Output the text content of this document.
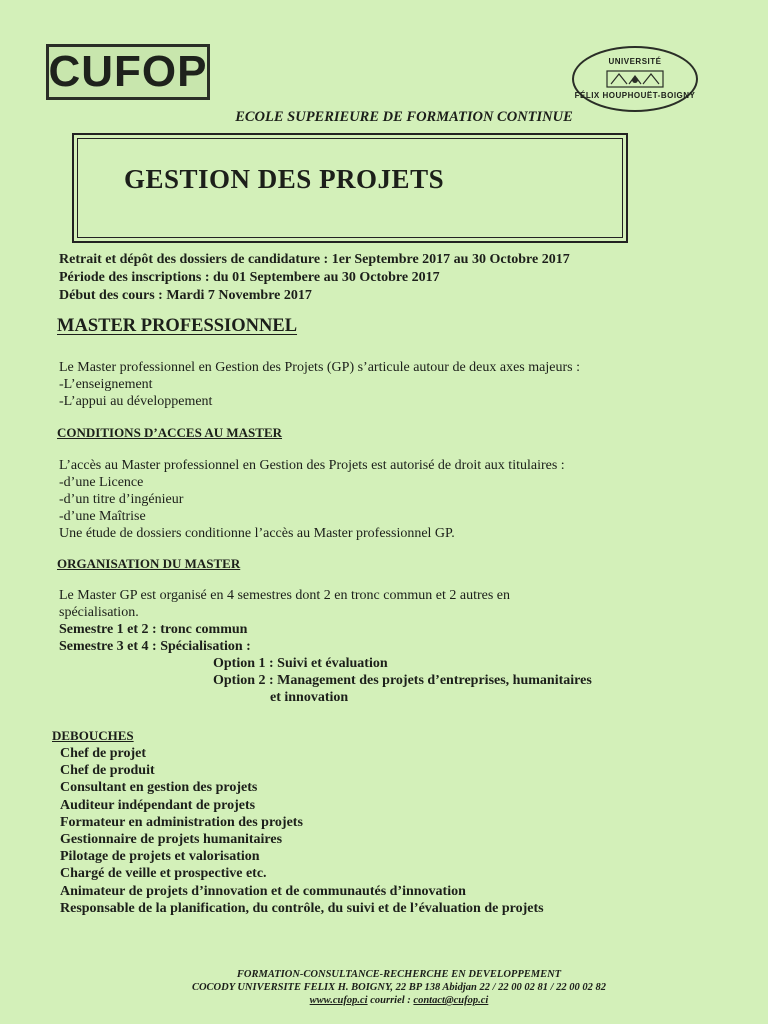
CUFOP	UNIVERSITÉ
FÉLIX HOUPHOUËT-BOIGNY
ECOLE SUPERIEURE DE FORMATION CONTINUE
GESTION DES PROJETS
Retrait et dépôt des dossiers de candidature : 1er Septembre 2017 au 30 Octobre 2017
Période des inscriptions : du 01 Septembere au 30 Octobre 2017
Début des cours : Mardi 7 Novembre 2017
MASTER PROFESSIONNEL
Le Master professionnel en Gestion des Projets (GP) s’articule autour de deux axes majeurs :
-L’enseignement
-L’appui au développement
CONDITIONS D’ACCES AU MASTER
L’accès au Master professionnel en Gestion des Projets est autorisé de droit aux titulaires :
-d’une Licence
-d’un titre d’ingénieur
-d’une Maîtrise
Une étude de dossiers conditionne l’accès au Master professionnel GP.
ORGANISATION DU MASTER
Le Master GP est organisé en 4 semestres dont 2 en tronc commun et 2 autres en
spécialisation.
Semestre 1 et 2 : tronc commun
Semestre 3 et 4 : Spécialisation :
Option 1 : Suivi et évaluation
Option 2 : Management des projets d’entreprises, humanitaires
et innovation
DEBOUCHES
Chef de projet
Chef de produit
Consultant en gestion des projets
Auditeur indépendant de projets
Formateur en administration des projets
Gestionnaire de projets humanitaires
Pilotage de projets et valorisation
Chargé de veille et prospective etc.
Animateur de projets d’innovation et de communautés d’innovation
Responsable de la planification, du contrôle, du suivi et de l’évaluation de projets
FORMATION-CONSULTANCE-RECHERCHE EN DEVELOPPEMENT
COCODY UNIVERSITE FELIX H. BOIGNY, 22 BP 138 Abidjan 22 / 22 00 02 81 / 22 00 02 82
www.cufop.ci courriel : contact@cufop.ci
